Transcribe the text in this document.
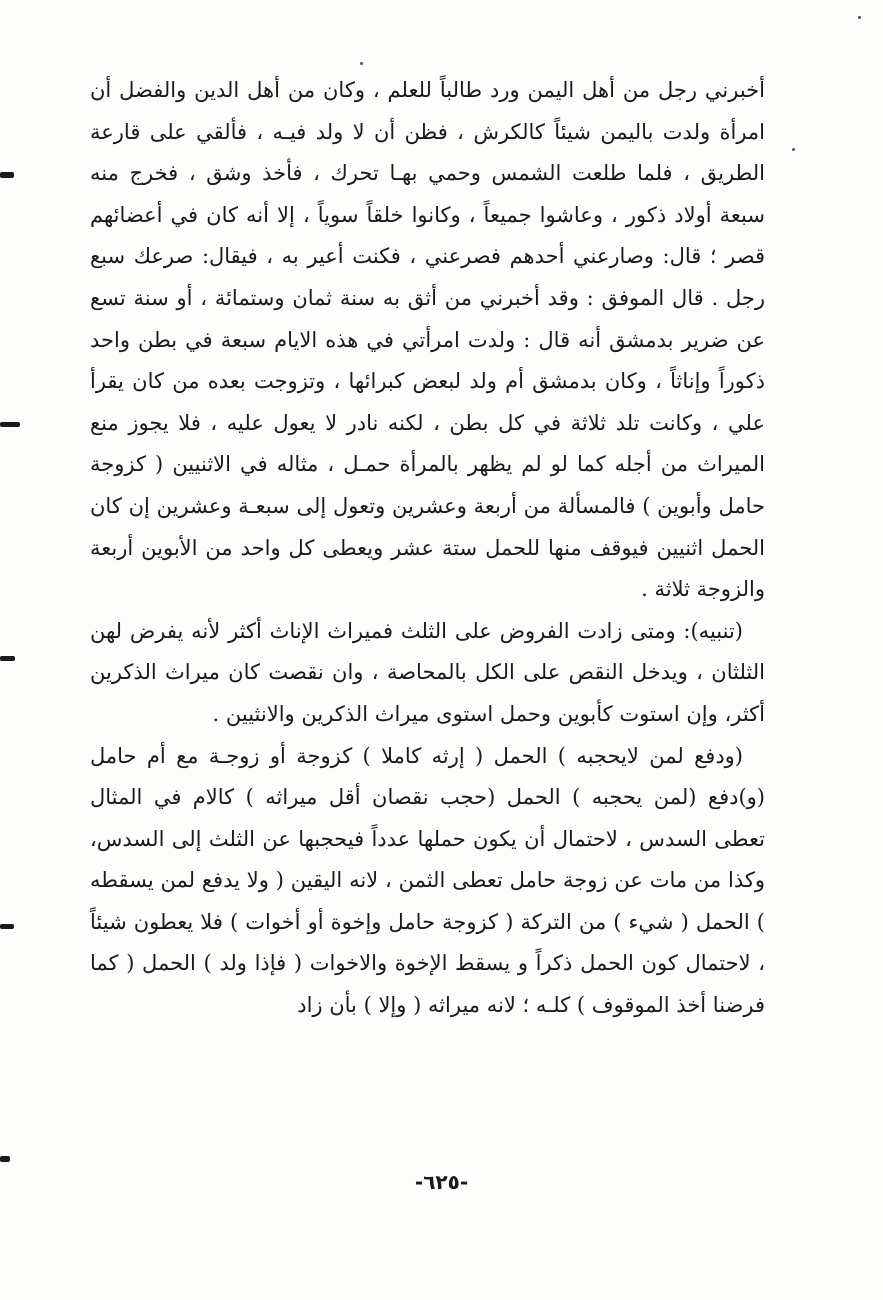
أخبرني رجل من أهل اليمن ورد طالباً للعلم ، وكان من أهل الدين والفضل أن امرأة ولدت باليمن شيئاً كالكرش ، فظن أن لا ولد فيـه ، فألقي على قارعة الطريق ، فلما طلعت الشمس وحمي بهـا تحرك ، فأخذ وشق ، فخرج منه سبعة أولاد ذكور ، وعاشوا جميعاً ، وكانوا خلقاً سوياً ، إلا أنه كان في أعضائهم قصر ؛ قال: وصارعني أحدهم فصرعني ، فكنت أعير به ، فيقال: صرعك سبع رجل . قال الموفق : وقد أخبرني من أثق به سنة ثمان وستمائة ، أو سنة تسع عن ضرير بدمشق أنه قال : ولدت امرأتي في هذه الايام سبعة في بطن واحد ذكوراً وإناثاً ، وكان بدمشق أم ولد لبعض كبرائها ، وتزوجت بعده من كان يقرأ علي ، وكانت تلد ثلاثة في كل بطن ، لكنه نادر لا يعول عليه ، فلا يجوز منع الميراث من أجله كما لو لم يظهر بالمرأة حمـل ، مثاله في الاثنيين ( كزوجة حامل وأبوين ) فالمسألة من أربعة وعشرين وتعول إلى سبعـة وعشرين إن كان الحمل اثنيين فيوقف منها للحمل ستة عشر ويعطى كل واحد من الأبوين أربعة والزوجة ثلاثة .

(تنبيه): ومتى زادت الفروض على الثلث فميراث الإناث أكثر لأنه يفرض لهن الثلثان ، ويدخل النقص على الكل بالمحاصة ، وان نقصت كان ميراث الذكرين أكثر، وإن استوت كأبوين وحمل استوى ميراث الذكرين والانثيين .

(ودفع لمن لايحجبه ) الحمل ( إرثه كاملا ) كزوجة أو زوجـة مع أم حامل (و)دفع (لمن يحجبه ) الحمل (حجب نقصان أقل ميراثه ) كالام في المثال تعطى السدس ، لاحتمال أن يكون حملها عدداً فيحجبها عن الثلث إلى السدس، وكذا من مات عن زوجة حامل تعطى الثمن ، لانه اليقين ( ولا يدفع لمن يسقطه ) الحمل ( شيء ) من التركة ( كزوجة حامل وإخوة أو أخوات ) فلا يعطون شيئاً ، لاحتمال كون الحمل ذكراً و يسقط الإخوة والاخوات ( فإذا ولد ) الحمل ( كما فرضنا أخذ الموقوف ) كلـه ؛ لانه ميراثه ( وإلا ) بأن زاد

-٦٢٥-
